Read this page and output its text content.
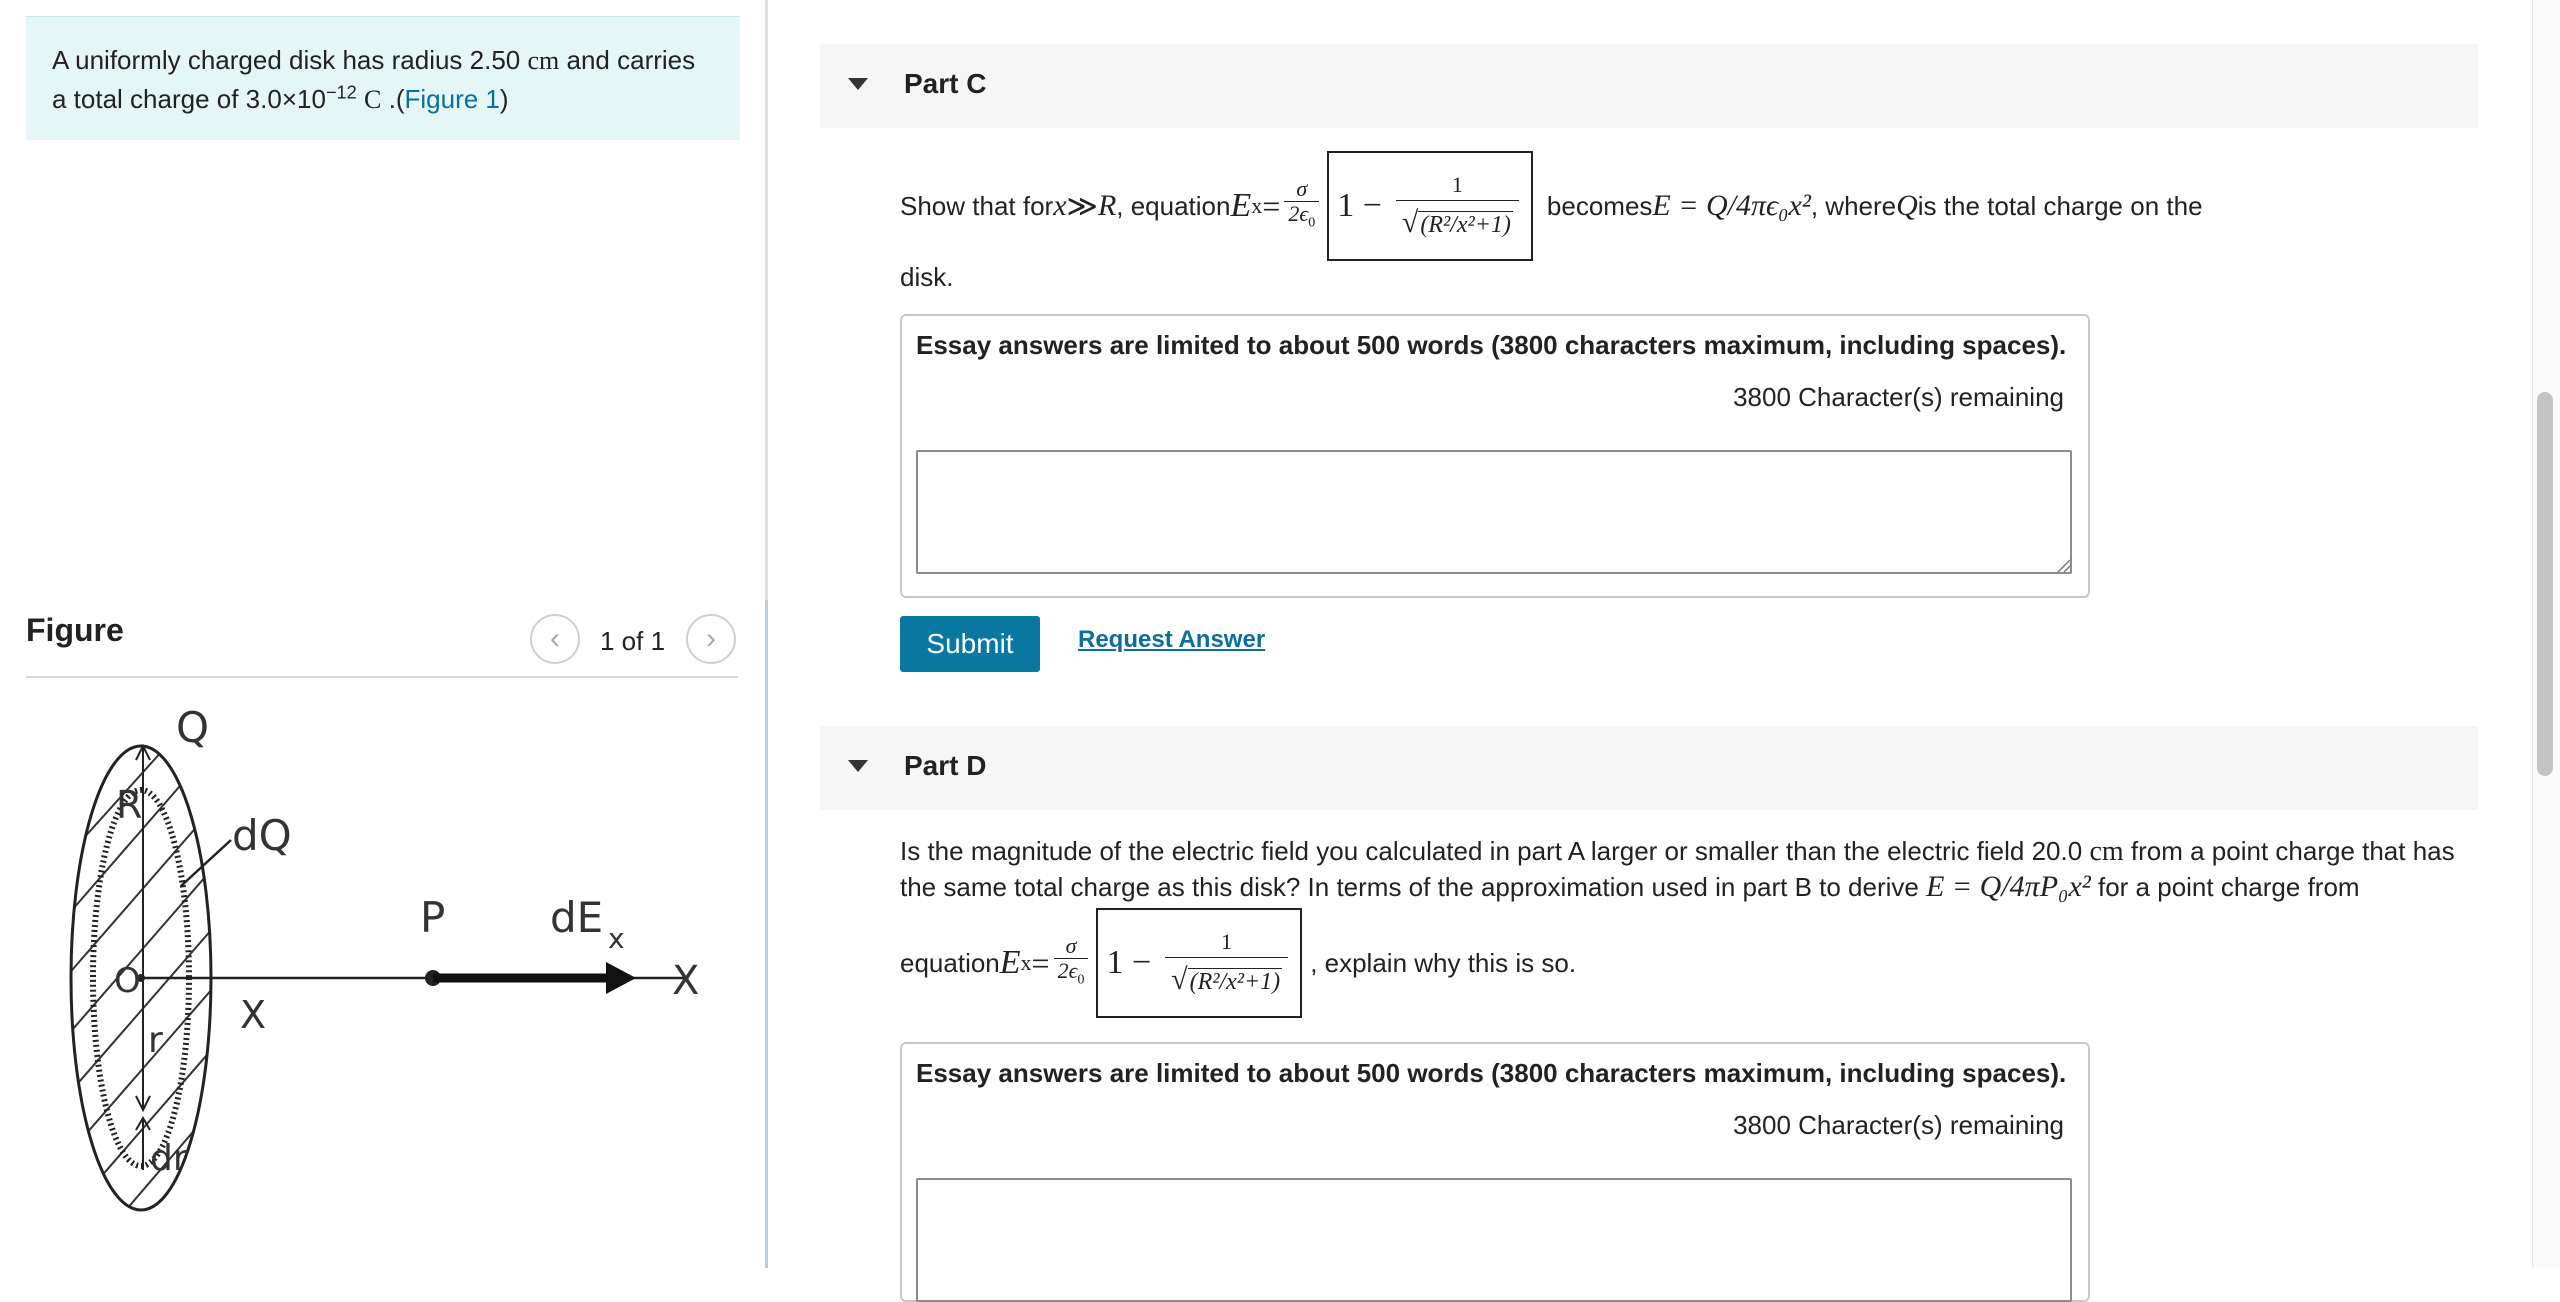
A uniformly charged disk has radius 2.50 cm and carries
a total charge of $3.0\times 10^{-12}$ C .(Figure 1)
Figure	‹ 1 of 1 ›
Q
R
dQ
O
r
dr
X
P dE x
X
Part C
Show that for x ≫ R , equation E $x = \frac{\sigma}{2\epsilon_0} 1 - \frac{1}{\text{√(R²/x²+1)}}$ becomes E = Q/4πϵ₀x² , where Q is the total charge on the
disk.
Essay answers are limited to about 500 words (3800 characters maximum, including spaces).
3800 Character(s) remaining
Submit	Request Answer
Part D
Is the magnitude of the electric field you calculated in part A larger or smaller than the electric field 20.0 cm from a point charge that has
the same total charge as this disk? In terms of the approximation used in part B to derive E = Q/4πP₀x² for a point charge from
equation E $x = \frac{\sigma}{2\epsilon_0} 1 - \frac{1}{\text{√(R²/x²+1)}}$ , explain why this is so.
Essay answers are limited to about 500 words (3800 characters maximum, including spaces).
3800 Character(s) remaining
